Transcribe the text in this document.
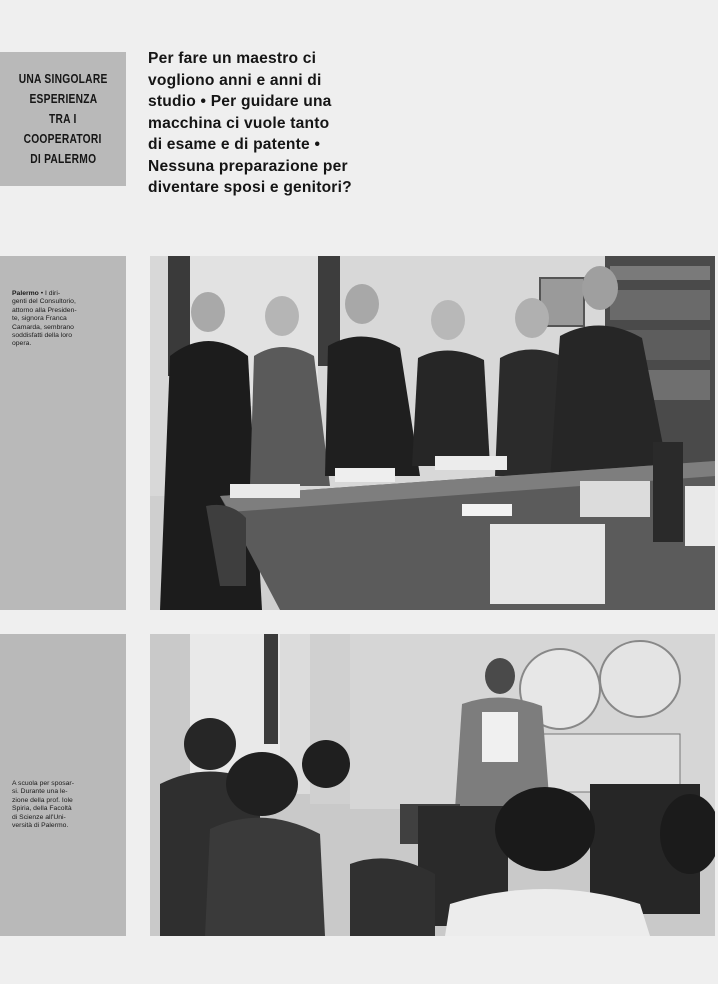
UNA SINGOLARE
ESPERIENZA
TRA I
COOPERATORI
DI PALERMO
Per fare un maestro ci
vogliono anni e anni di
studio • Per guidare una
macchina ci vuole tanto
di esame e di patente •
Nessuna preparazione per
diventare sposi e genitori?
Palermo • I diri-
genti del Consultorio,
attorno alla Presiden-
te, signora Franca
Camarda, sembrano
soddisfatti della loro
opera.
A scuola per sposar-
si. Durante una le-
zione della prof. Iole
Spiria, della Facoltà
di Scienze all'Uni-
versità di Palermo.
